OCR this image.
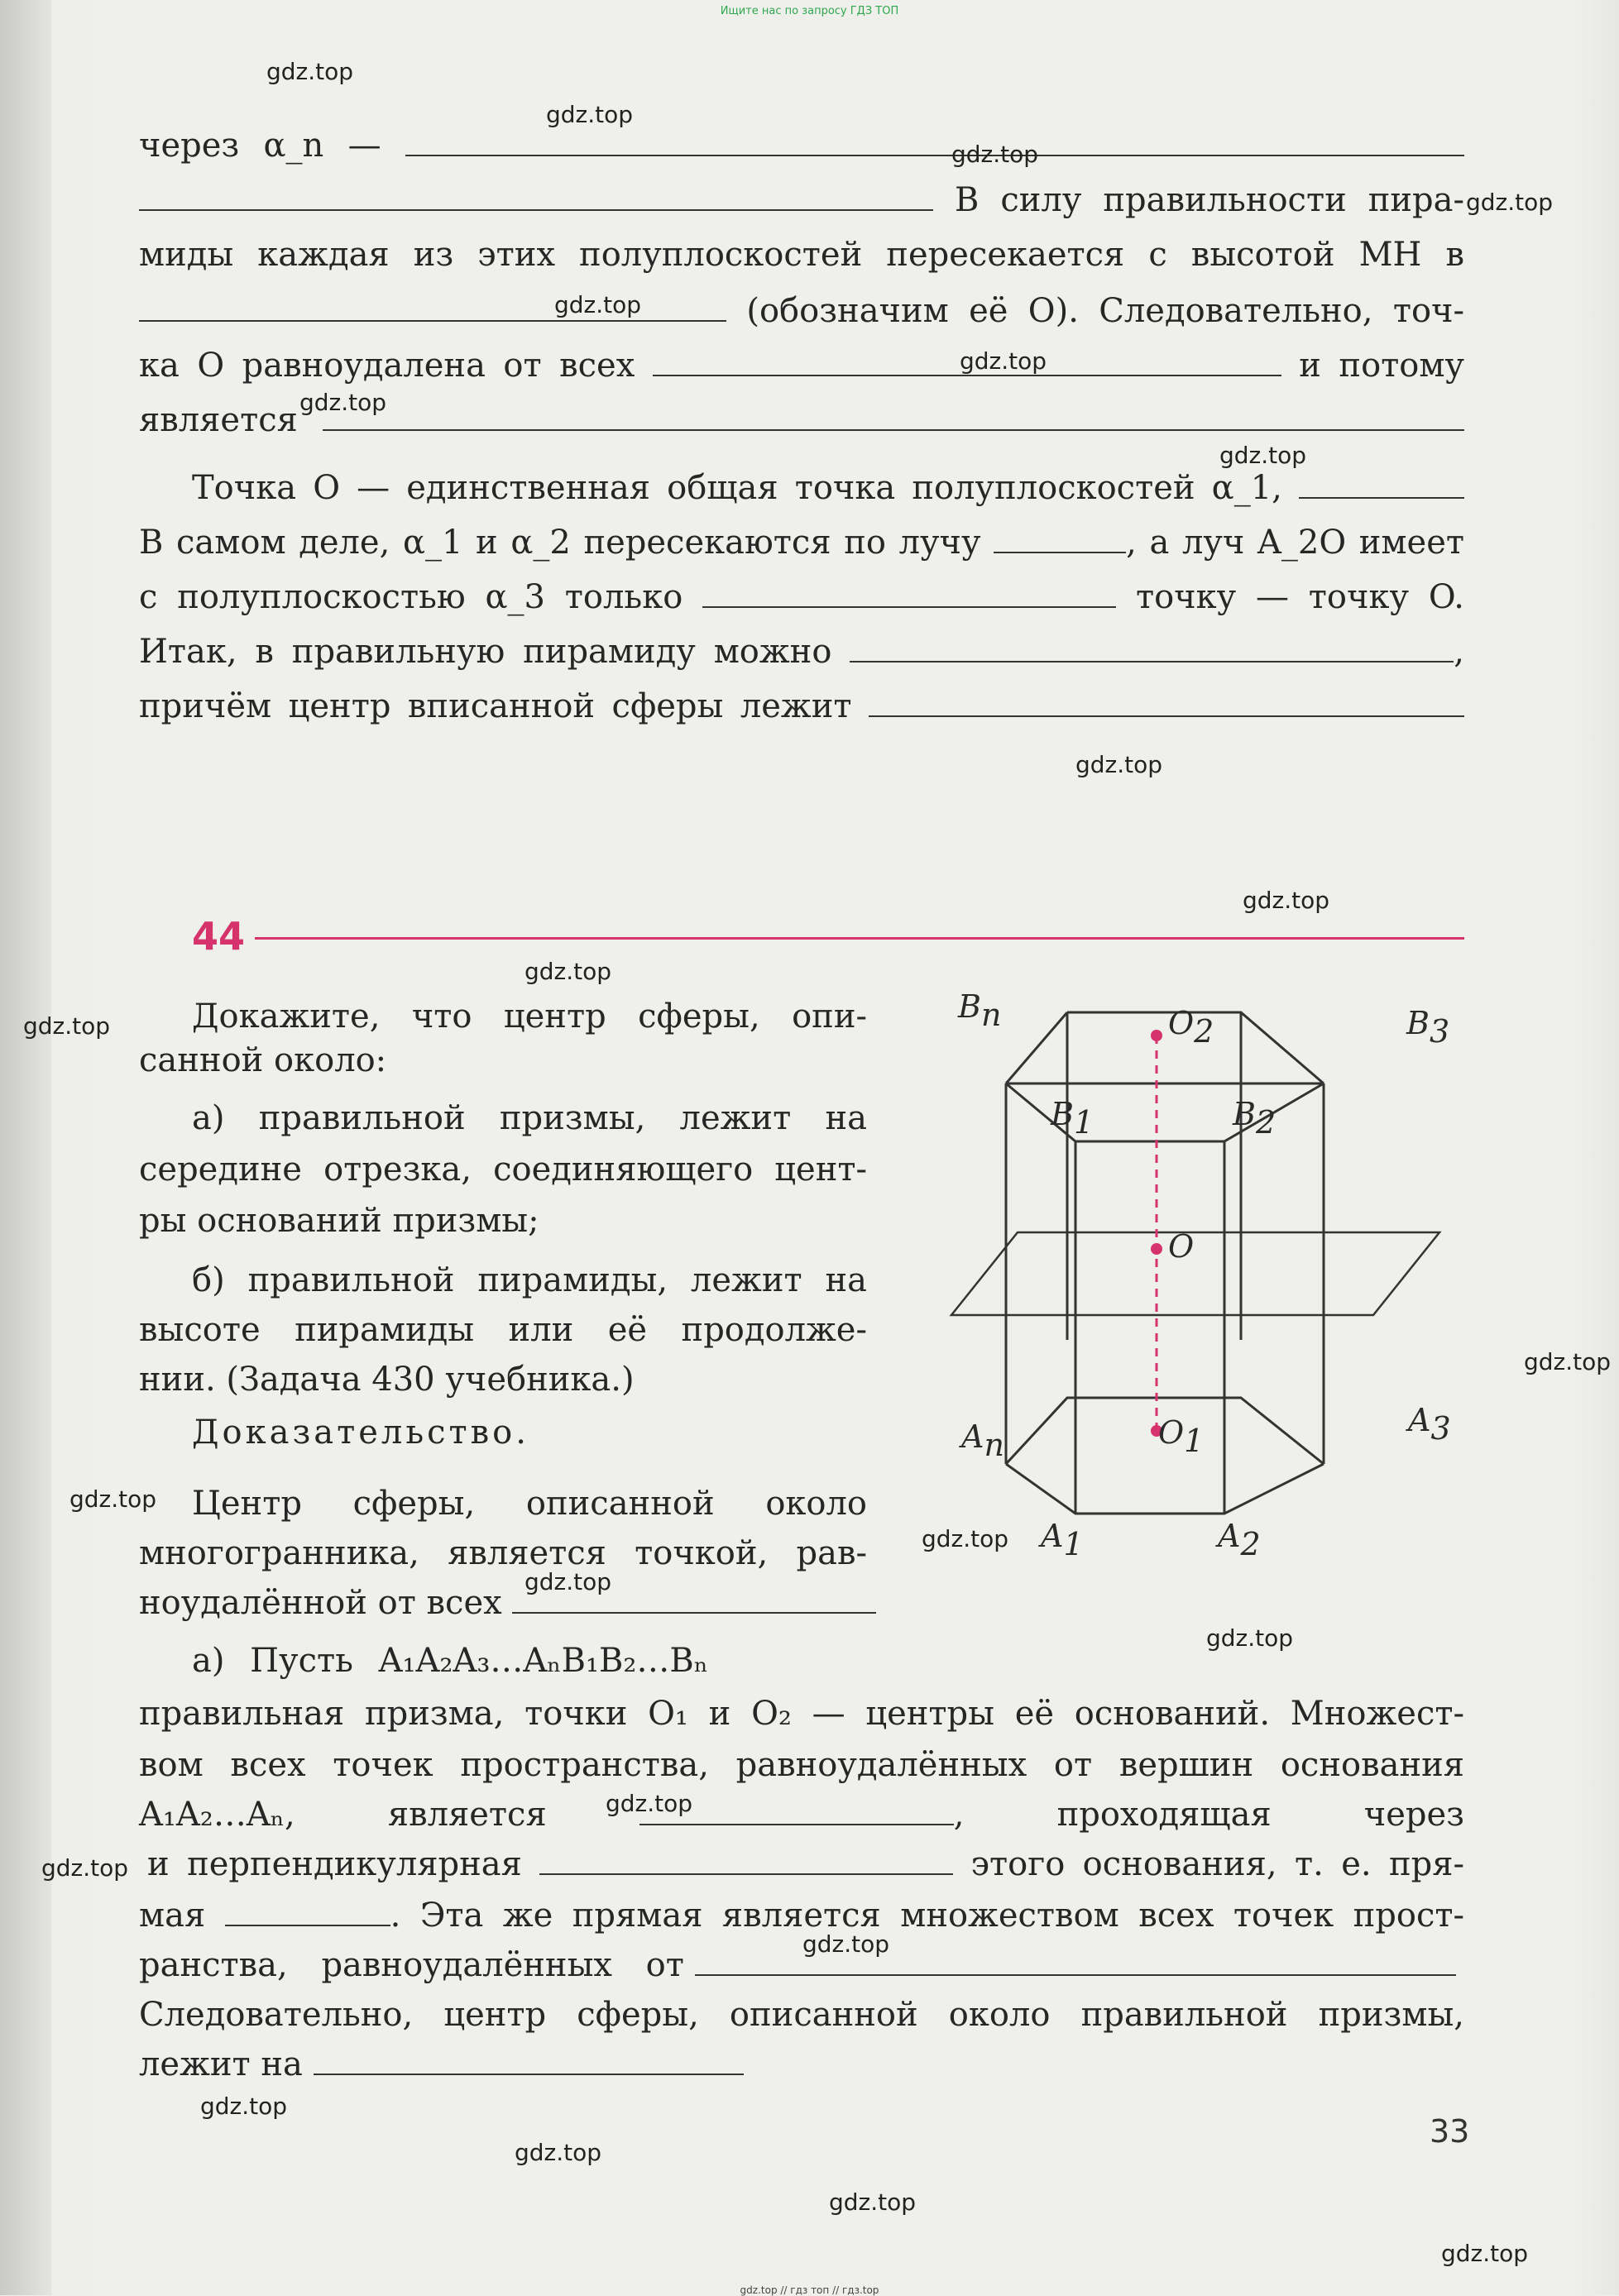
Ищите нас по запросу ГДЗ ТОП
через α_n —
В силу правильности пира-
миды каждая из этих полуплоскостей пересекается с высотой MH в
(обозначим её O). Следовательно, точ-
ка O равноудалена от всех	и потому
является
Точка O — единственная общая точка полуплоскостей α_1,
В самом деле, α_1 и α_2 пересекаются по лучу	, а луч A_2O имеет
с полуплоскостью α_3 только	точку — точку O.
Итак, в правильную пирамиду можно	,
причём центр вписанной сферы лежит
44
Докажите, что центр сферы, опи-
санной около:
а) правильной призмы, лежит на
середине отрезка, соединяющего цент-
ры оснований призмы;
б) правильной пирамиды, лежит на
высоте пирамиды или её продолже-
нии. (Задача 430 учебника.)
Доказательство.
Центр сферы, описанной около
многогранника, является точкой, рав-
ноудалённой от всех
а) Пусть A₁A₂A₃…AₙB₁B₂…Bₙ
правильная призма, точки O₁ и O₂ — центры её оснований. Множест-
вом всех точек пространства, равноудалённых от вершин основания
A₁A₂…Aₙ, является	, проходящая через
и перпендикулярная	этого основания, т. е. пря-
мая	. Эта же прямая является множеством всех точек прост-
ранства, равноудалённых от
Следовательно, центр сферы, описанной около правильной призмы,
лежит на
Bn	O2	B3
B1	B2
O
An	O1
A3
A1	A2
33
gdz.top
gdz.top
gdz.top
gdz.top
gdz.top
gdz.top
gdz.top
gdz.top
gdz.top
gdz.top
gdz.top
gdz.top
gdz.top
gdz.top
gdz.top
gdz.top
gdz.top
gdz.top
gdz.top
gdz.top
gdz.top
gdz.top
gdz.top
gdz.top
gdz.top // гдз топ // гдз.top
